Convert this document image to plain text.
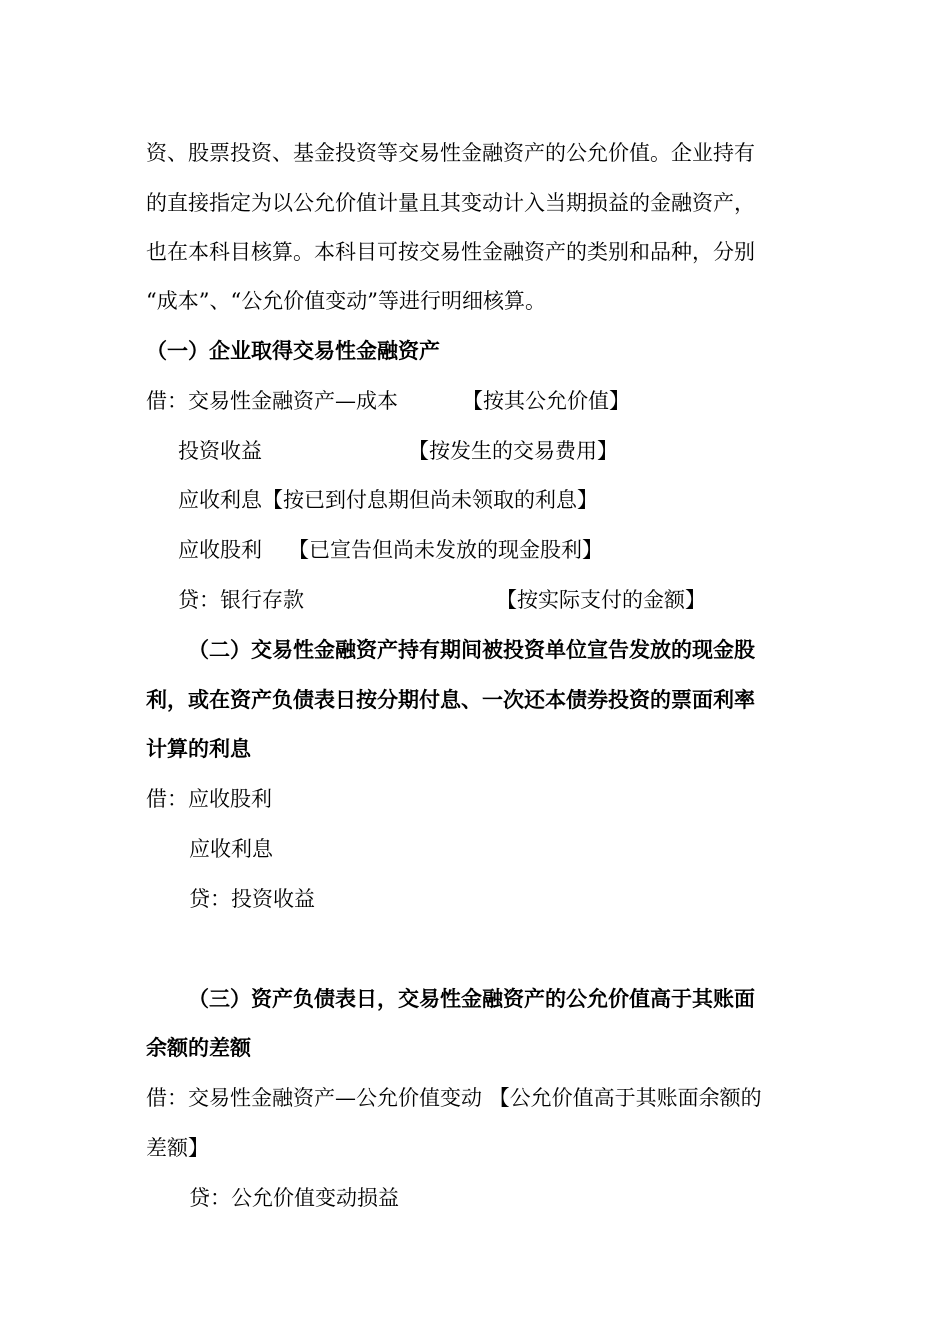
资、股票投资、基金投资等交易性金融资产的公允价值。企业持有
的直接指定为以公允价值计量且其变动计入当期损益的金融资产，
也在本科目核算。本科目可按交易性金融资产的类别和品种，分别
“成本”、“公允价值变动”等进行明细核算。
（一）企业取得交易性金融资产
借：交易性金融资产—成本	【按其公允价值】
投资收益	【按发生的交易费用】
应收利息【按已到付息期但尚未领取的利息】
应收股利 【已宣告但尚未发放的现金股利】
贷：银行存款	【按实际支付的金额】
（二）交易性金融资产持有期间被投资单位宣告发放的现金股
利，或在资产负债表日按分期付息、一次还本债券投资的票面利率
计算的利息
借：应收股利
应收利息
贷：投资收益
（三）资产负债表日，交易性金融资产的公允价值高于其账面
余额的差额
借：交易性金融资产—公允价值变动 【公允价值高于其账面余额的
差额】
贷：公允价值变动损益
